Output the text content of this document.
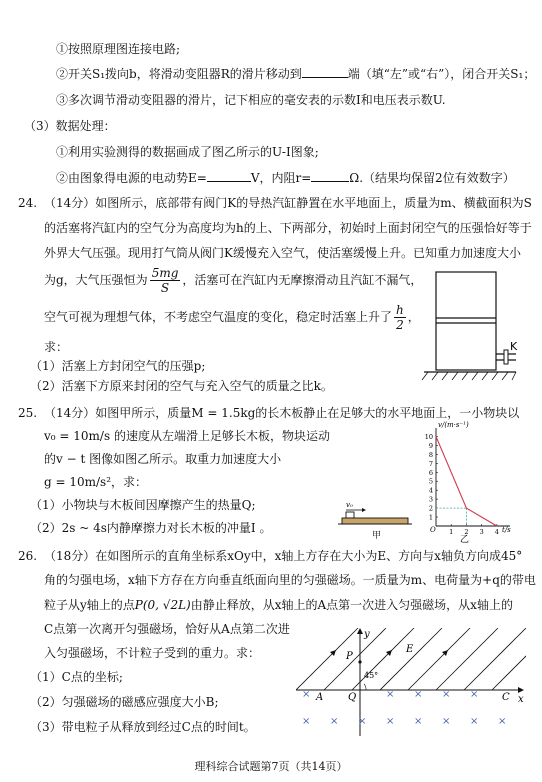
①按照原理图连接电路;
②开关S₁拨向b，将滑动变阻器R的滑片移动到	端（填“左”或“右”），闭合开关S₁；
③多次调节滑动变阻器的滑片，记下相应的毫安表的示数I和电压表示数U.
（3）数据处理：
①利用实验测得的数据画成了图乙所示的U-I图象;
②由图象得电源的电动势E=	V，内阻r=	Ω.（结果均保留2位有效数字）
24. （14分）如图所示，底部带有阀门K的导热汽缸静置在水平地面上，质量为m、横截面积为S
的活塞将汽缸内的空气分为高度均为h的上、下两部分，初始时上面封闭空气的压强恰好等于
外界大气压强。现用打气筒从阀门K缓慢充入空气，使活塞缓慢上升。已知重力加速度大小
为g，大气压强恒为 $\frac{5mg}{S}$ ，活塞可在汽缸内无摩擦滑动且汽缸不漏气，
空气可视为理想气体，不考虑空气温度的变化，稳定时活塞上升了 $\frac{h}{2}$ ，
求：
（1）活塞上方封闭空气的压强p;
（2）活塞下方原来封闭的空气与充入空气的质量之比k。
K
25. （14分）如图甲所示，质量M = 1.5kg的长木板静止在足够大的水平地面上，一小物块以
v₀ = 10m/s 的速度从左端滑上足够长木板，物块运动
的v − t 图像如图乙所示。取重力加速度大小
g = 10m/s²，求：
（1）小物块与木板间因摩擦产生的热量Q;
（2）2s ~ 4s内静摩擦力对长木板的冲量I 。
v₀
甲
1
2
3
4
5
6
7
8
9
10
1 2 3 4
v/(m·s⁻¹)
t/s
O
乙
26. （18分）在如图所示的直角坐标系xOy中，x轴上方存在大小为E、方向与x轴负方向成45°
角的匀强电场，x轴下方存在方向垂直纸面向里的匀强磁场。一质量为m、电荷量为+q的带电
粒子从y轴上的点P(0, √2L)由静止释放，从x轴上的A点第一次进入匀强磁场，从x轴上的
C点第一次离开匀强磁场，恰好从A点第二次进
入匀强磁场，不计粒子受到的重力。求：
（1）C点的坐标;
（2）匀强磁场的磁感应强度大小B;
（3）带电粒子从释放到经过C点的时间t。
y
x
P
E
45°
A Q	C
×	× × × ×
× × × × × × × ×
理科综合试题第7页（共14页）
